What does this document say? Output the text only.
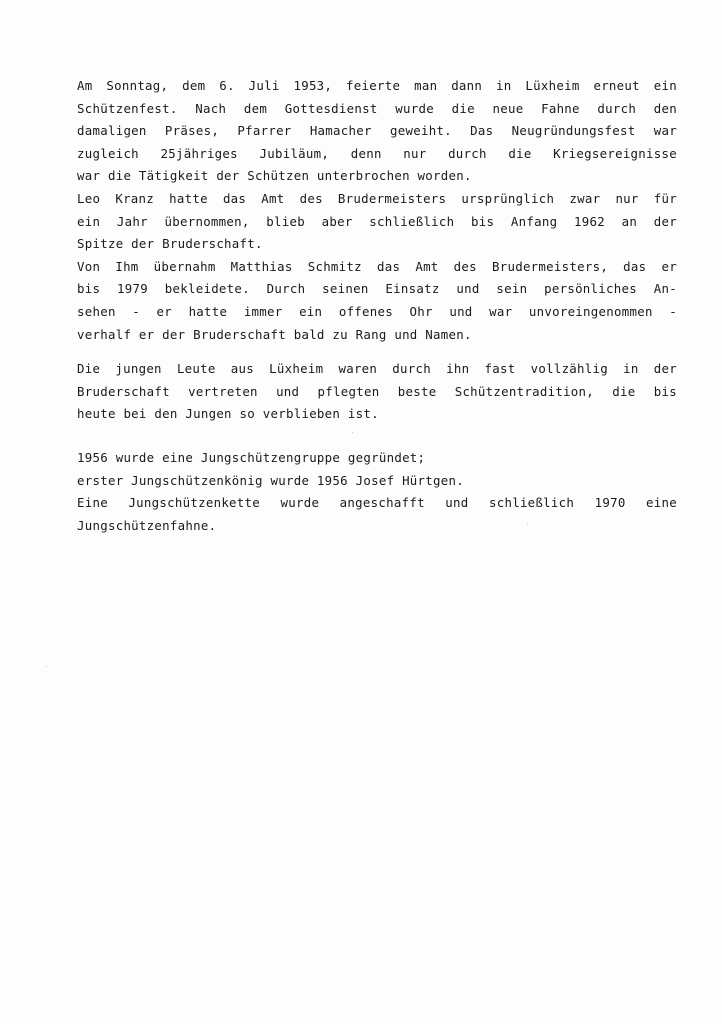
Am Sonntag, dem 6. Juli 1953, feierte man dann in Lüxheim erneut ein
Schützenfest. Nach dem Gottesdienst wurde die neue Fahne durch den
damaligen Präses, Pfarrer Hamacher geweiht. Das Neugründungsfest war
zugleich 25jähriges Jubiläum, denn nur durch die Kriegsereignisse
war die Tätigkeit der Schützen unterbrochen worden.
Leo Kranz hatte das Amt des Brudermeisters ursprünglich zwar nur für
ein Jahr übernommen, blieb aber schließlich bis Anfang 1962 an der
Spitze der Bruderschaft.
Von Ihm übernahm Matthias Schmitz das Amt des Brudermeisters, das er
bis 1979 bekleidete. Durch seinen Einsatz und sein persönliches An-
sehen - er hatte immer ein offenes Ohr und war unvoreingenommen -
verhalf er der Bruderschaft bald zu Rang und Namen.
Die jungen Leute aus Lüxheim waren durch ihn fast vollzählig in der
Bruderschaft vertreten und pflegten beste Schützentradition, die bis
heute bei den Jungen so verblieben ist.
1956 wurde eine Jungschützengruppe gegründet;
erster Jungschützenkönig wurde 1956 Josef Hürtgen.
Eine Jungschützenkette wurde angeschafft und schließlich 1970 eine
Jungschützenfahne.
